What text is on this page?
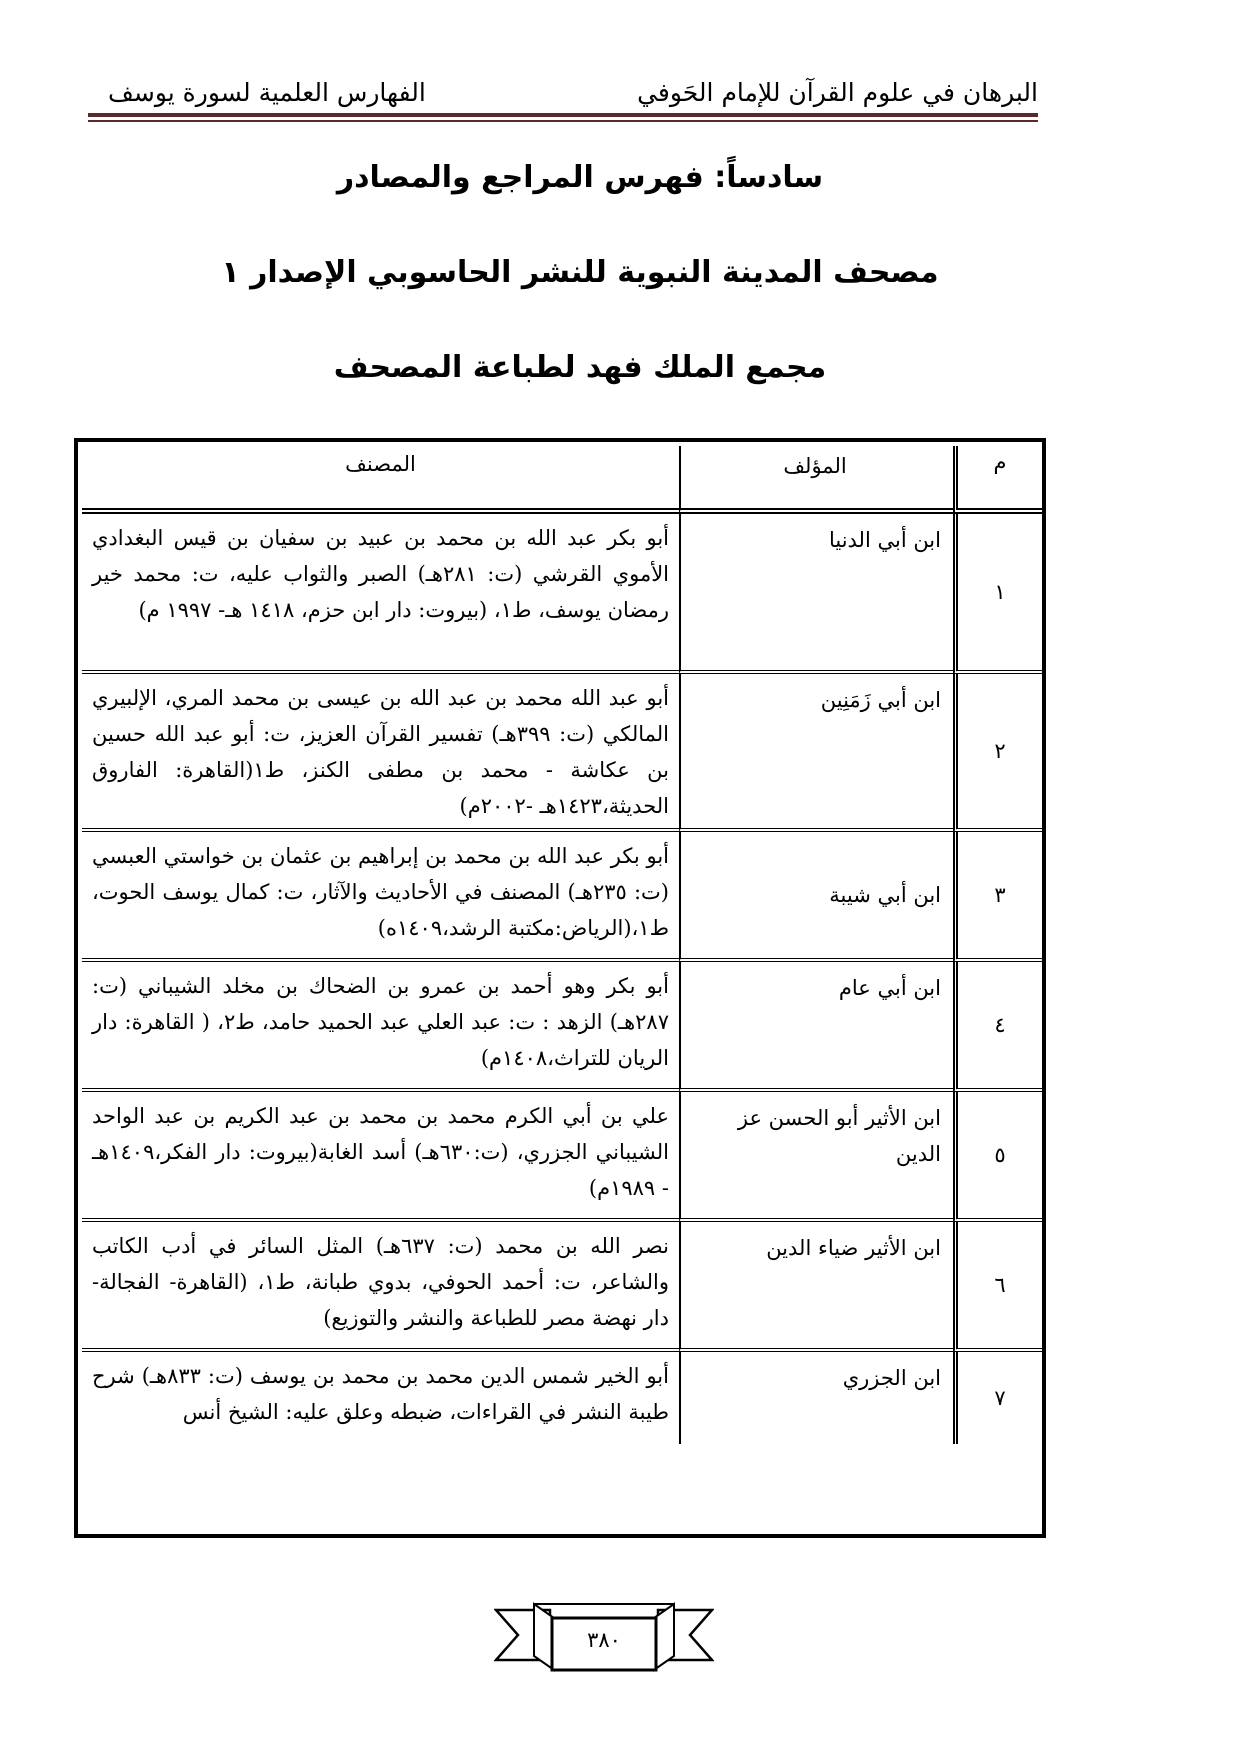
البرهان في علوم القرآن للإمام الحَوفي
الفهارس العلمية لسورة يوسف
سادساً: فهرس المراجع والمصادر
مصحف المدينة النبوية للنشر الحاسوبي الإصدار ١
مجمع الملك فهد لطباعة المصحف
م	المؤلف	المصنف
١	ابن أبي الدنيا	أبو بكر عبد الله بن محمد بن عبيد بن سفيان بن قيس البغدادي الأموي القرشي (ت: ٢٨١هـ) الصبر والثواب عليه، ت: محمد خير رمضان يوسف، ط١، (بيروت: دار ابن حزم، ١٤١٨ هـ- ١٩٩٧ م)
٢	ابن أبي زَمَنِين	أبو عبد الله محمد بن عبد الله بن عيسى بن محمد المري، الإلبيري المالكي (ت: ٣٩٩هـ) تفسير القرآن العزيز، ت: أبو عبد الله حسين بن عكاشة - محمد بن مطفى الكنز، ط١(القاهرة: الفاروق الحديثة،١٤٢٣هـ -٢٠٠٢م)
٣	ابن أبي شيبة	أبو بكر عبد الله بن محمد بن إبراهيم بن عثمان بن خواستي العبسي (ت: ٢٣٥هـ) المصنف في الأحاديث والآثار، ت: كمال يوسف الحوت، ط١،(الرياض:مكتبة الرشد،١٤٠٩ه)
٤	ابن أبي عام	أبو بكر وهو أحمد بن عمرو بن الضحاك بن مخلد الشيباني (ت: ٢٨٧هـ) الزهد : ت: عبد العلي عبد الحميد حامد، ط٢، ( القاهرة: دار الريان للتراث،١٤٠٨م)
٥	ابن الأثير أبو الحسن عز الدين	علي بن أبي الكرم محمد بن محمد بن عبد الكريم بن عبد الواحد الشيباني الجزري، (ت:٦٣٠هـ) أسد الغابة(بيروت: دار الفكر،١٤٠٩هـ - ١٩٨٩م)
٦	ابن الأثير ضياء الدين	نصر الله بن محمد (ت: ٦٣٧هـ) المثل السائر في أدب الكاتب والشاعر، ت: أحمد الحوفي، بدوي طبانة، ط١، (القاهرة- الفجالة- دار نهضة مصر للطباعة والنشر والتوزيع)
٧	ابن الجزري	أبو الخير شمس الدين محمد بن محمد بن يوسف (ت: ٨٣٣هـ) شرح طيبة النشر في القراءات، ضبطه وعلق عليه: الشيخ أنس
٣٨٠
